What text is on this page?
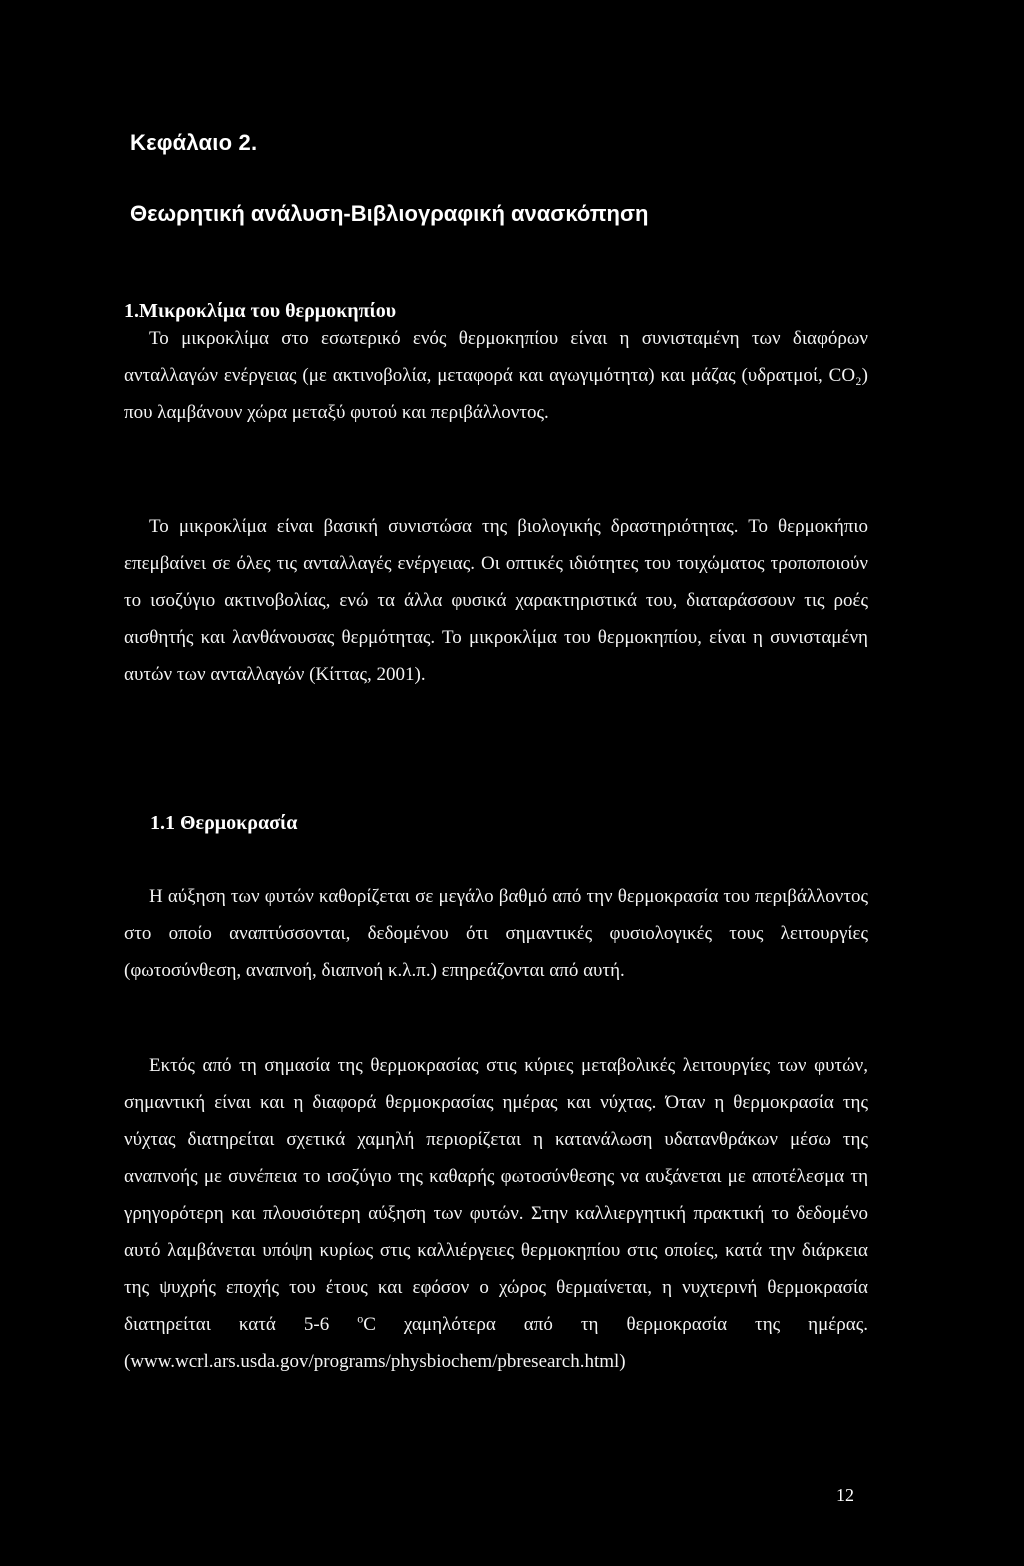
Κεφάλαιο 2.
Θεωρητική ανάλυση-Βιβλιογραφική ανασκόπηση
1.Μικροκλίμα του θερμοκηπίου

Το μικροκλίμα στο εσωτερικό ενός θερμοκηπίου είναι η συνισταμένη των διαφόρων ανταλλαγών ενέργειας (με ακτινοβολία, μεταφορά και αγωγιμότητα) και μάζας (υδρατμοί, CO₂) που λαμβάνουν χώρα μεταξύ φυτού και περιβάλλοντος.

Το μικροκλίμα είναι βασική συνιστώσα της βιολογικής δραστηριότητας. Το θερμοκήπιο επεμβαίνει σε όλες τις ανταλλαγές ενέργειας. Οι οπτικές ιδιότητες του τοιχώματος τροποποιούν το ισοζύγιο ακτινοβολίας, ενώ τα άλλα φυσικά χαρακτηριστικά του, διαταράσσουν τις ροές αισθητής και λανθάνουσας θερμότητας. Το μικροκλίμα του θερμοκηπίου, είναι η συνισταμένη αυτών των ανταλλαγών (Κίττας, 2001).

1.1 Θερμοκρασία

Η αύξηση των φυτών καθορίζεται σε μεγάλο βαθμό από την θερμοκρασία του περιβάλλοντος στο οποίο αναπτύσσονται, δεδομένου ότι σημαντικές φυσιολογικές τους λειτουργίες (φωτοσύνθεση, αναπνοή, διαπνοή κ.λ.π.) επηρεάζονται από αυτή.

Εκτός από τη σημασία της θερμοκρασίας στις κύριες μεταβολικές λειτουργίες των φυτών, σημαντική είναι και η διαφορά θερμοκρασίας ημέρας και νύχτας. Όταν η θερμοκρασία της νύχτας διατηρείται σχετικά χαμηλή περιορίζεται η κατανάλωση υδατανθράκων μέσω της αναπνοής με συνέπεια το ισοζύγιο της καθαρής φωτοσύνθεσης να αυξάνεται με αποτέλεσμα τη γρηγορότερη και πλουσιότερη αύξηση των φυτών. Στην καλλιεργητική πρακτική το δεδομένο αυτό λαμβάνεται υπόψη κυρίως στις καλλιέργειες θερμοκηπίου στις οποίες, κατά την διάρκεια της ψυχρής εποχής του έτους και εφόσον ο χώρος θερμαίνεται, η νυχτερινή θερμοκρασία διατηρείται κατά 5-6 $^o$C χαμηλότερα από τη θερμοκρασία της ημέρας. (www.wcrl.ars.usda.gov/programs/physbiochem/pbresearch.html)

12
